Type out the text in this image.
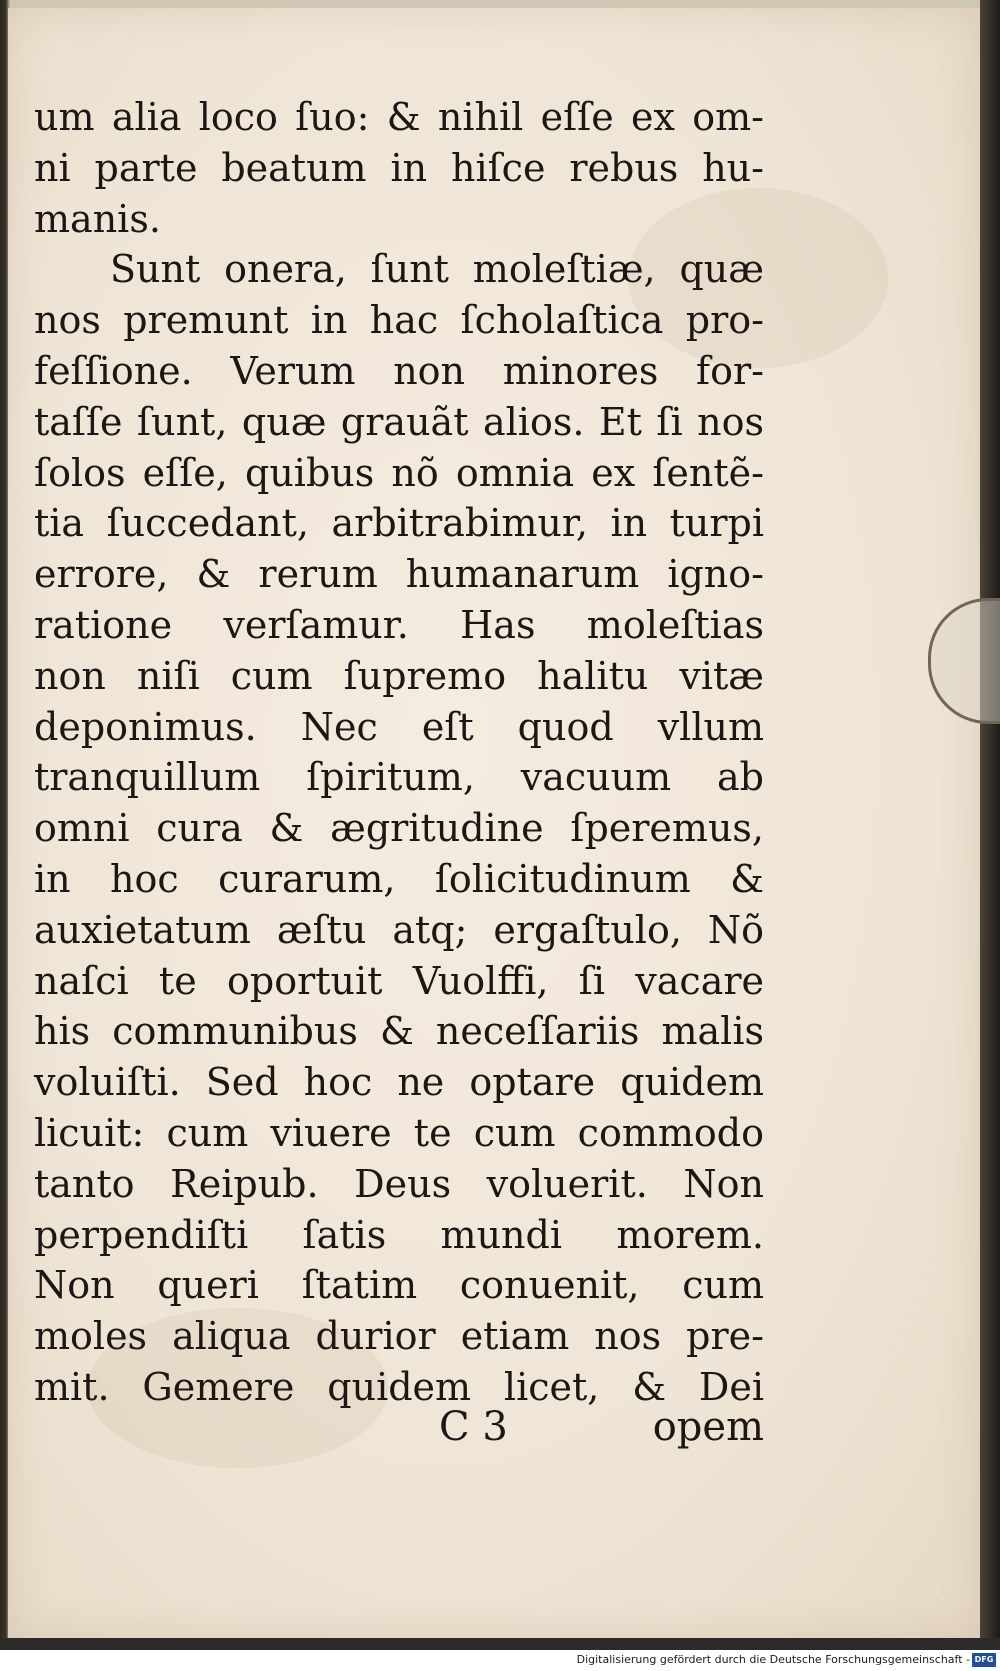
um alia loco ſuo: & nihil eſſe ex om-
ni parte beatum in hiſce rebus hu-
manis.
Sunt onera, ſunt moleſtiæ, quæ
nos premunt in hac ſcholaſtica pro-
feſſione. Verum non minores for-
taſſe ſunt, quæ grauãt alios. Et ſi nos
ſolos eſſe, quibus nõ omnia ex ſentẽ-
tia ſuccedant, arbitrabimur, in turpi
errore, & rerum humanarum igno-
ratione verſamur. Has moleſtias
non niſi cum ſupremo halitu vitæ
deponimus. Nec eſt quod vllum
tranquillum ſpiritum, vacuum ab
omni cura & ægritudine ſperemus,
in hoc curarum, ſolicitudinum &
auxietatum æſtu atq; ergaſtulo, Nõ
naſci te oportuit Vuolffi, ſi vacare
his communibus & neceſſariis malis
voluiſti. Sed hoc ne optare quidem
licuit: cum viuere te cum commodo
tanto Reipub. Deus voluerit. Non
perpendiſti ſatis mundi morem.
Non queri ſtatim conuenit, cum
moles aliqua durior etiam nos pre-
mit. Gemere quidem licet, & Dei
C 3	opem
Digitalisierung gefördert durch die Deutsche Forschungsgemeinschaft - DFG
